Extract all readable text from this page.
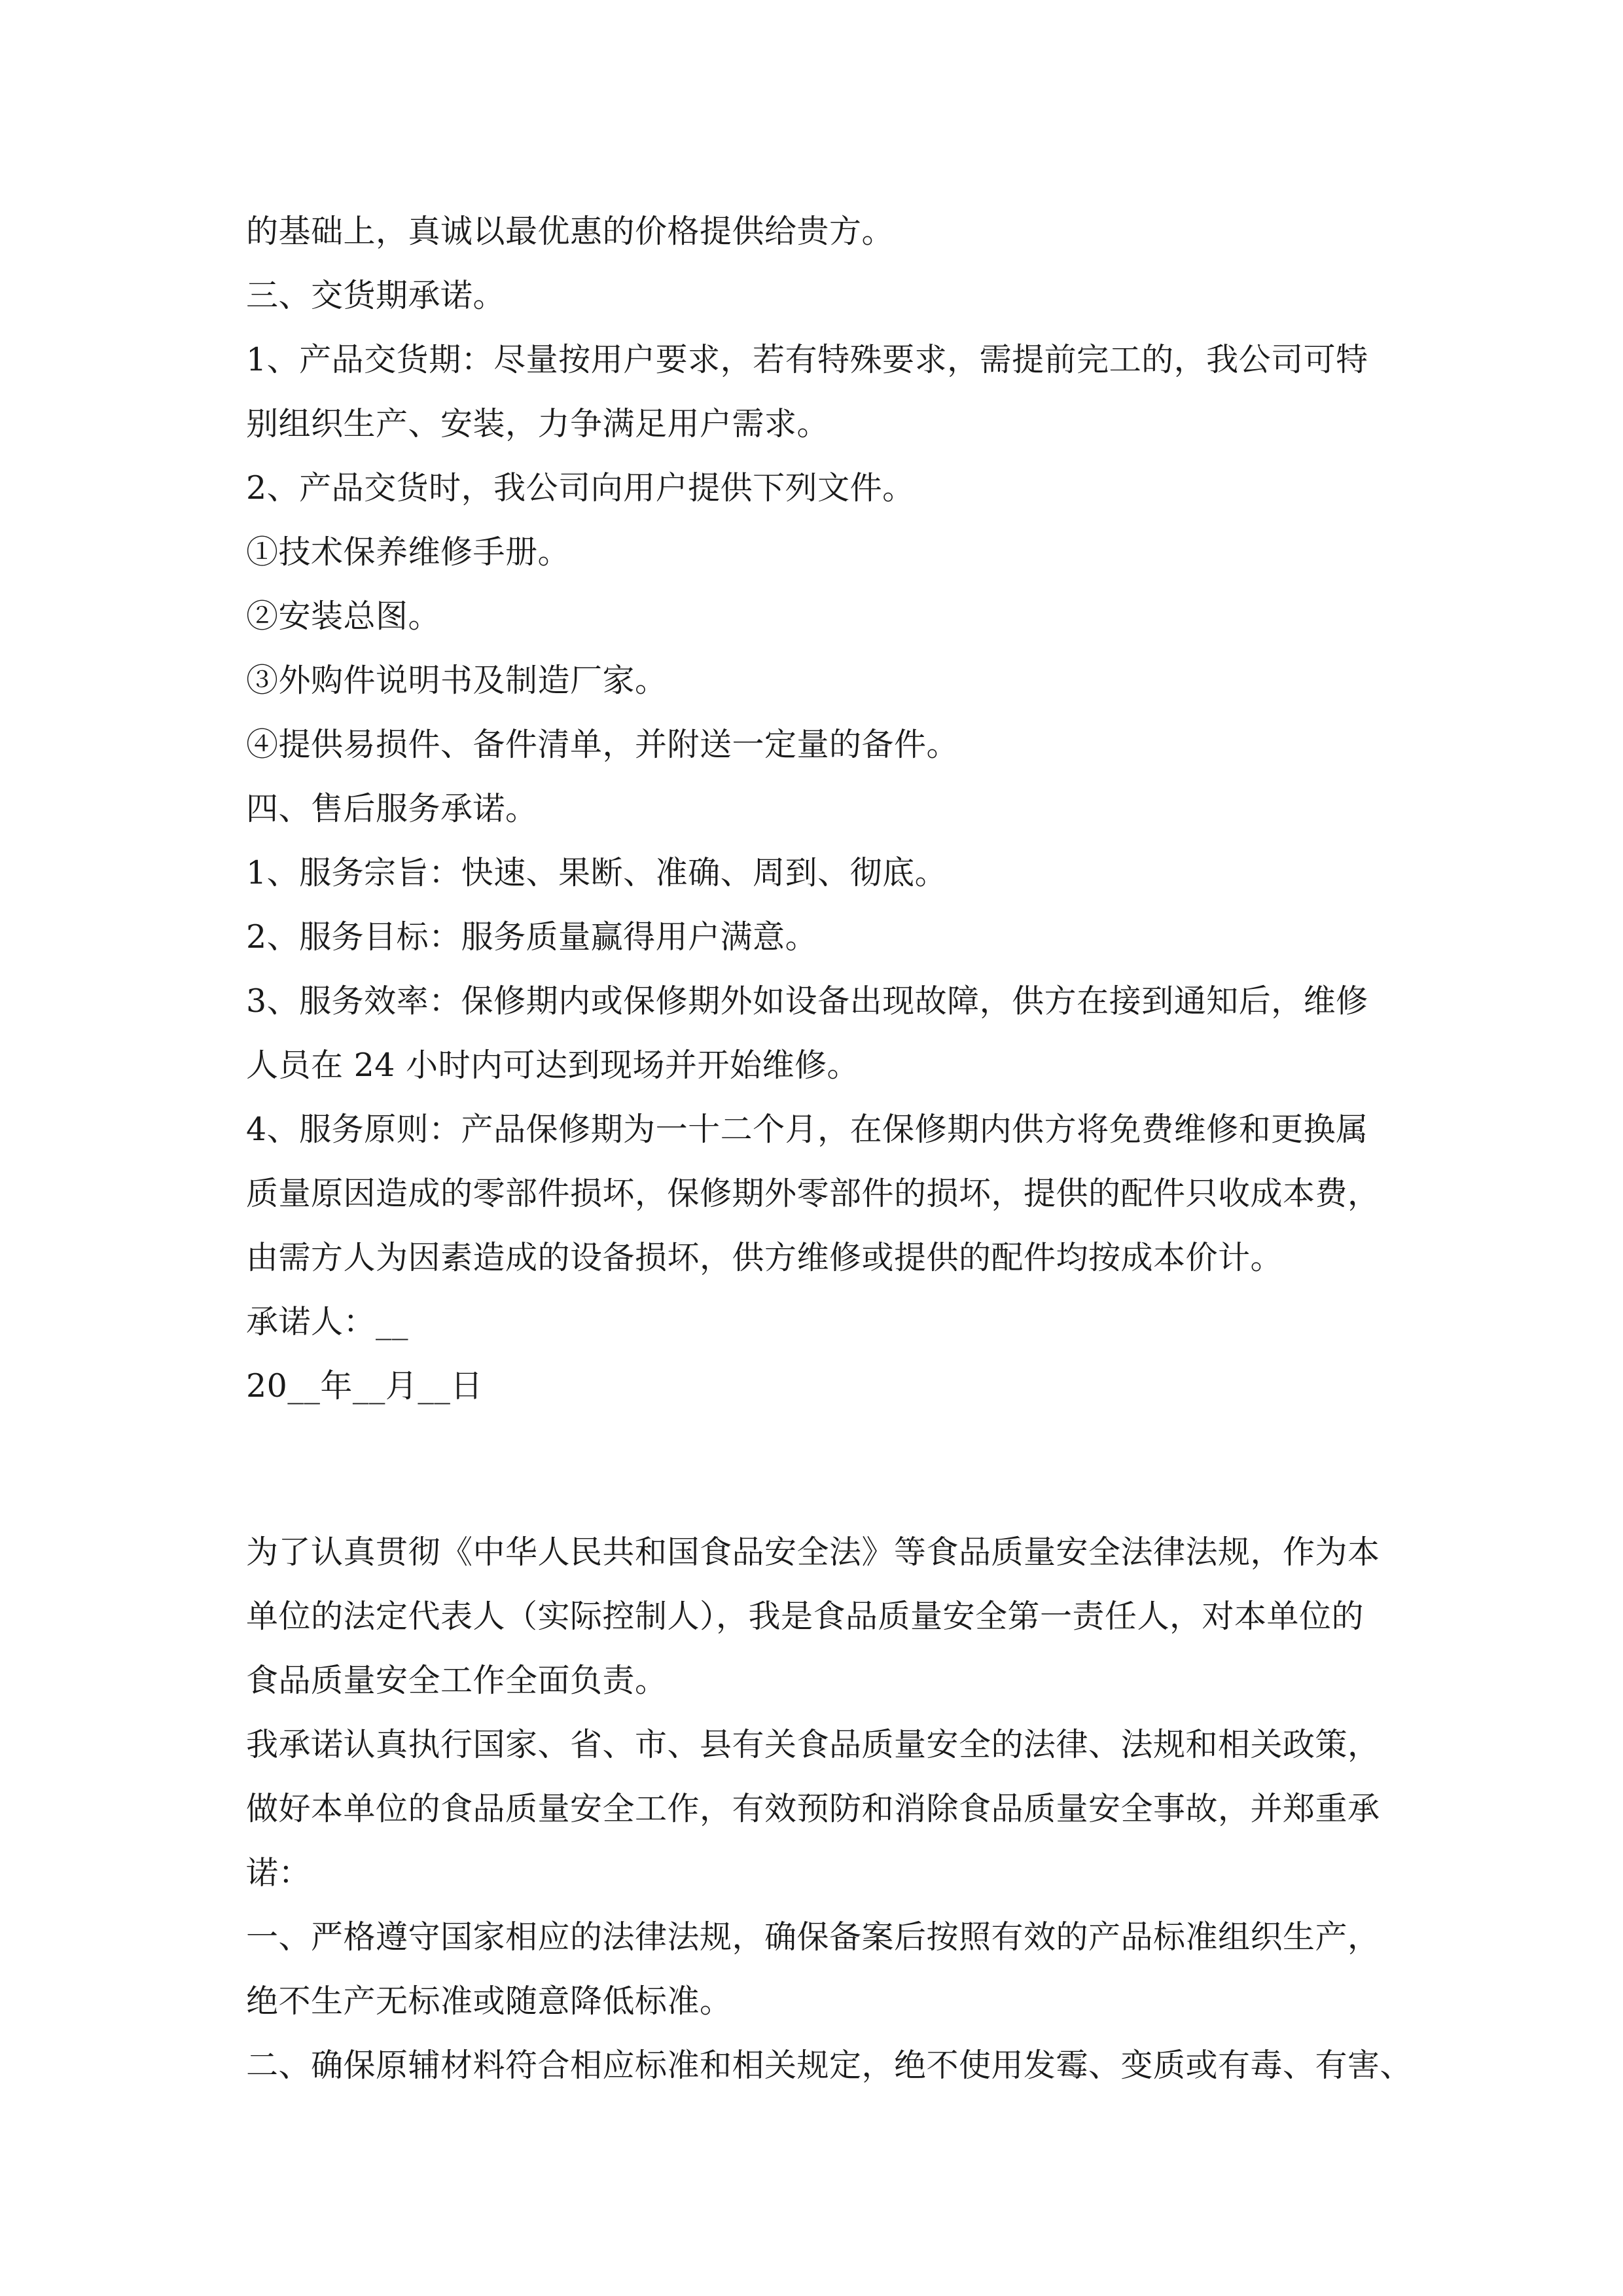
的基础上，真诚以最优惠的价格提供给贵方。
三、交货期承诺。
1、产品交货期：尽量按用户要求，若有特殊要求，需提前完工的，我公司可特
别组织生产、安装，力争满足用户需求。
2、产品交货时，我公司向用户提供下列文件。
①技术保养维修手册。
②安装总图。
③外购件说明书及制造厂家。
④提供易损件、备件清单，并附送一定量的备件。
四、售后服务承诺。
1、服务宗旨：快速、果断、准确、周到、彻底。
2、服务目标：服务质量赢得用户满意。
3、服务效率：保修期内或保修期外如设备出现故障，供方在接到通知后，维修
人员在 24 小时内可达到现场并开始维修。
4、服务原则：产品保修期为一十二个月，在保修期内供方将免费维修和更换属
质量原因造成的零部件损坏，保修期外零部件的损坏，提供的配件只收成本费，
由需方人为因素造成的设备损坏，供方维修或提供的配件均按成本价计。
承诺人：__
20__年__月__日
为了认真贯彻《中华人民共和国食品安全法》等食品质量安全法律法规，作为本
单位的法定代表人（实际控制人），我是食品质量安全第一责任人，对本单位的
食品质量安全工作全面负责。
我承诺认真执行国家、省、市、县有关食品质量安全的法律、法规和相关政策，
做好本单位的食品质量安全工作，有效预防和消除食品质量安全事故，并郑重承
诺：
一、严格遵守国家相应的法律法规，确保备案后按照有效的产品标准组织生产，
绝不生产无标准或随意降低标准。
二、确保原辅材料符合相应标准和相关规定，绝不使用发霉、变质或有毒、有害、
